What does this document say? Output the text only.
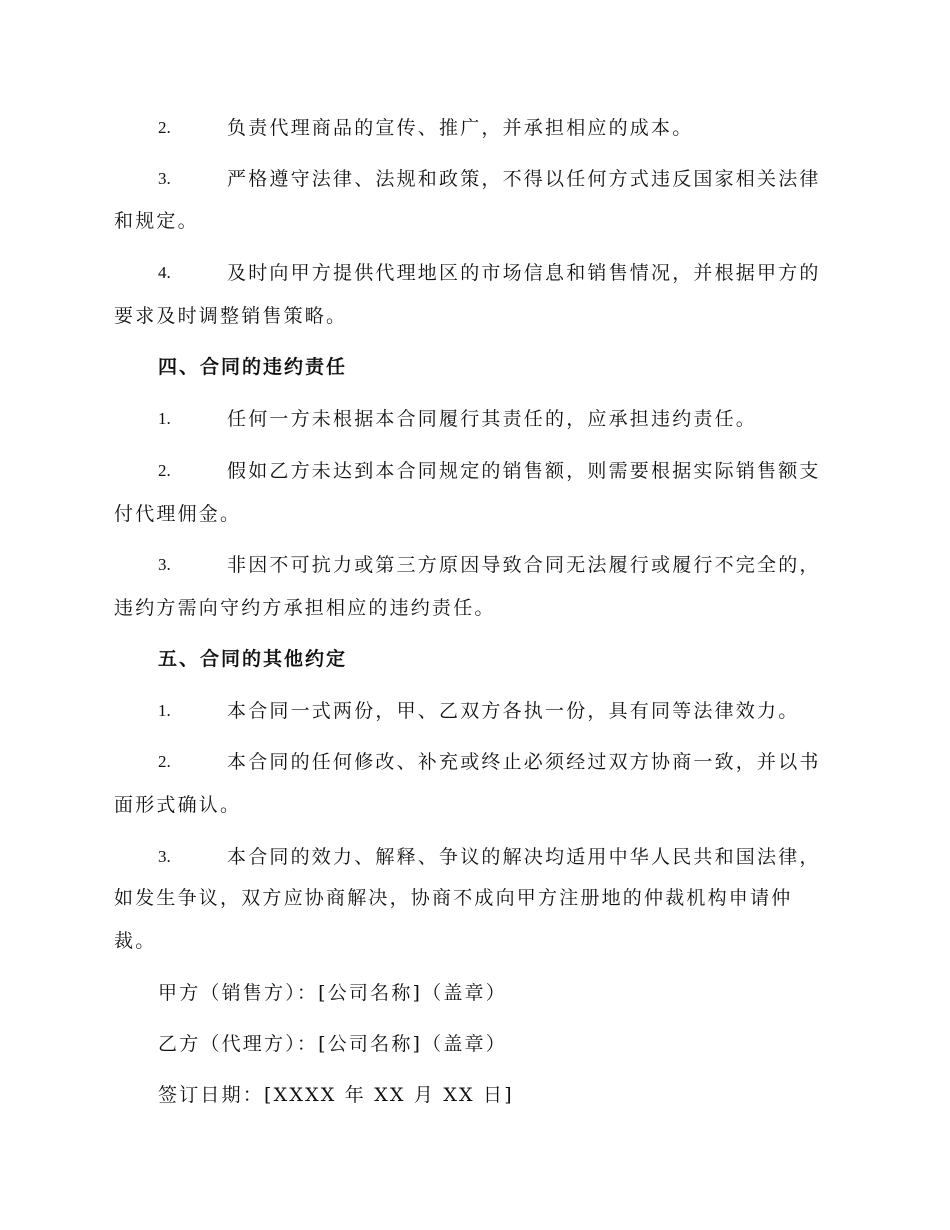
2.	负责代理商品的宣传、推广，并承担相应的成本。
3.	严格遵守法律、法规和政策，不得以任何方式违反国家相关法律
和规定。
4.	及时向甲方提供代理地区的市场信息和销售情况，并根据甲方的
要求及时调整销售策略。
四、合同的违约责任
1.	任何一方未根据本合同履行其责任的，应承担违约责任。
2.	假如乙方未达到本合同规定的销售额，则需要根据实际销售额支
付代理佣金。
3.	非因不可抗力或第三方原因导致合同无法履行或履行不完全的，
违约方需向守约方承担相应的违约责任。
五、合同的其他约定
1.	本合同一式两份，甲、乙双方各执一份，具有同等法律效力。
2.	本合同的任何修改、补充或终止必须经过双方协商一致，并以书
面形式确认。
3.	本合同的效力、解释、争议的解决均适用中华人民共和国法律，
如发生争议，双方应协商解决，协商不成向甲方注册地的仲裁机构申请仲
裁。
甲方（销售方）：[公司名称]（盖章）
乙方（代理方）：[公司名称]（盖章）
签订日期：[XXXX 年 XX 月 XX 日]
